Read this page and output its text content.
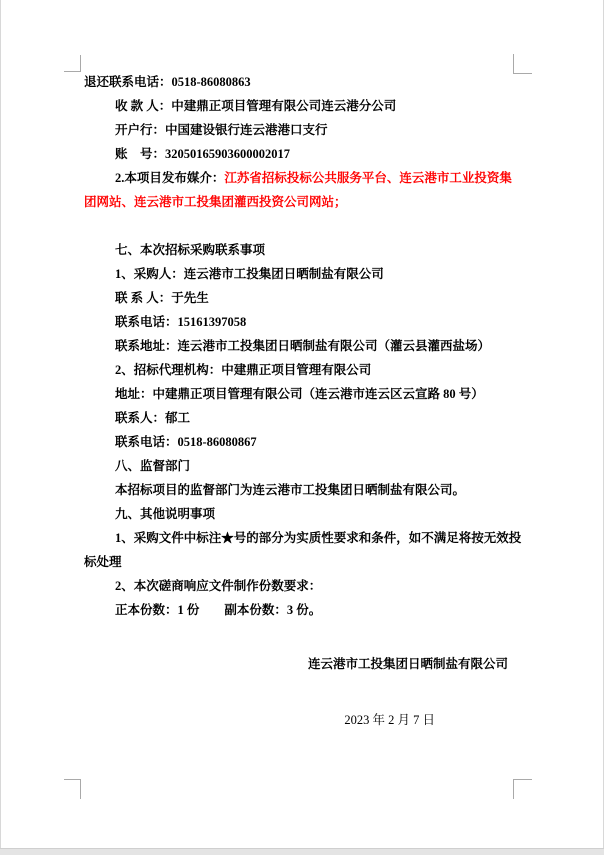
退还联系电话：0518-86080863
收 款 人：中建鼎正项目管理有限公司连云港分公司
开户行：中国建设银行连云港港口支行
账　号：32050165903600002017
2.本项目发布媒介：江苏省招标投标公共服务平台、连云港市工业投资集
团网站、连云港市工投集团灌西投资公司网站；
七、本次招标采购联系事项
1、采购人：连云港市工投集团日晒制盐有限公司
联 系 人：于先生
联系电话：15161397058
联系地址：连云港市工投集团日晒制盐有限公司（灌云县灌西盐场）
2、招标代理机构：中建鼎正项目管理有限公司
地址：中建鼎正项目管理有限公司（连云港市连云区云宣路 80 号）
联系人：郁工
联系电话：0518-86080867
八、监督部门
本招标项目的监督部门为连云港市工投集团日晒制盐有限公司。
九、其他说明事项
1、采购文件中标注★号的部分为实质性要求和条件，如不满足将按无效投
标处理
2、本次磋商响应文件制作份数要求：
正本份数：1 份　　副本份数：3 份。
连云港市工投集团日晒制盐有限公司
2023 年 2 月 7 日
